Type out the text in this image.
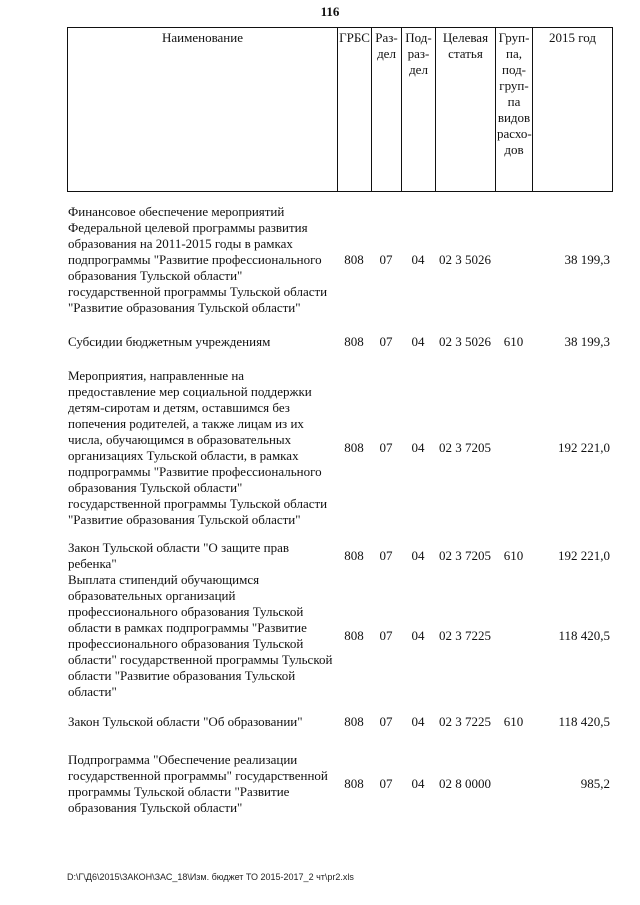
116
Наименование	ГРБС	Раз- дел	Под- раз- дел	Целевая статья	Груп- па, под- груп- па видов расхо- дов	2015 год
Финансовое обеспечение мероприятий Федеральной целевой программы развития образования на 2011-2015 годы в рамках подпрограммы "Развитие профессионального образования Тульской области" государственной программы Тульской области "Развитие образования Тульской области"	808	07	04	02 3 5026		38 199,3

Субсидии бюджетным учреждениям	808	07	04	02 3 5026	610	38 199,3

Мероприятия, направленные на предоставление мер социальной поддержки детям-сиротам и детям, оставшимся без попечения родителей, а также лицам из их числа, обучающимся в образовательных организациях Тульской области, в рамках подпрограммы "Развитие профессионального образования Тульской области" государственной программы Тульской области "Развитие образования Тульской области"	808	07	04	02 3 7205		192 221,0

Закон Тульской области "О защите прав ребенка"	808	07	04	02 3 7205	610	192 221,0
Выплата стипендий обучающимся образовательных организаций профессионального образования Тульской области в рамках подпрограммы "Развитие профессионального образования Тульской области" государственной программы Тульской области "Развитие образования Тульской области"	808	07	04	02 3 7225		118 420,5

Закон Тульской области "Об образовании"	808	07	04	02 3 7225	610	118 420,5

Подпрограмма "Обеспечение реализации государственной программы" государственной программы Тульской области "Развитие образования Тульской области"	808	07	04	02 8 0000		985,2
D:\Г\Д6\2015\ЗАКОН\ЗАС_18\Изм. бюджет ТО 2015-2017_2 чт\pr2.xls
